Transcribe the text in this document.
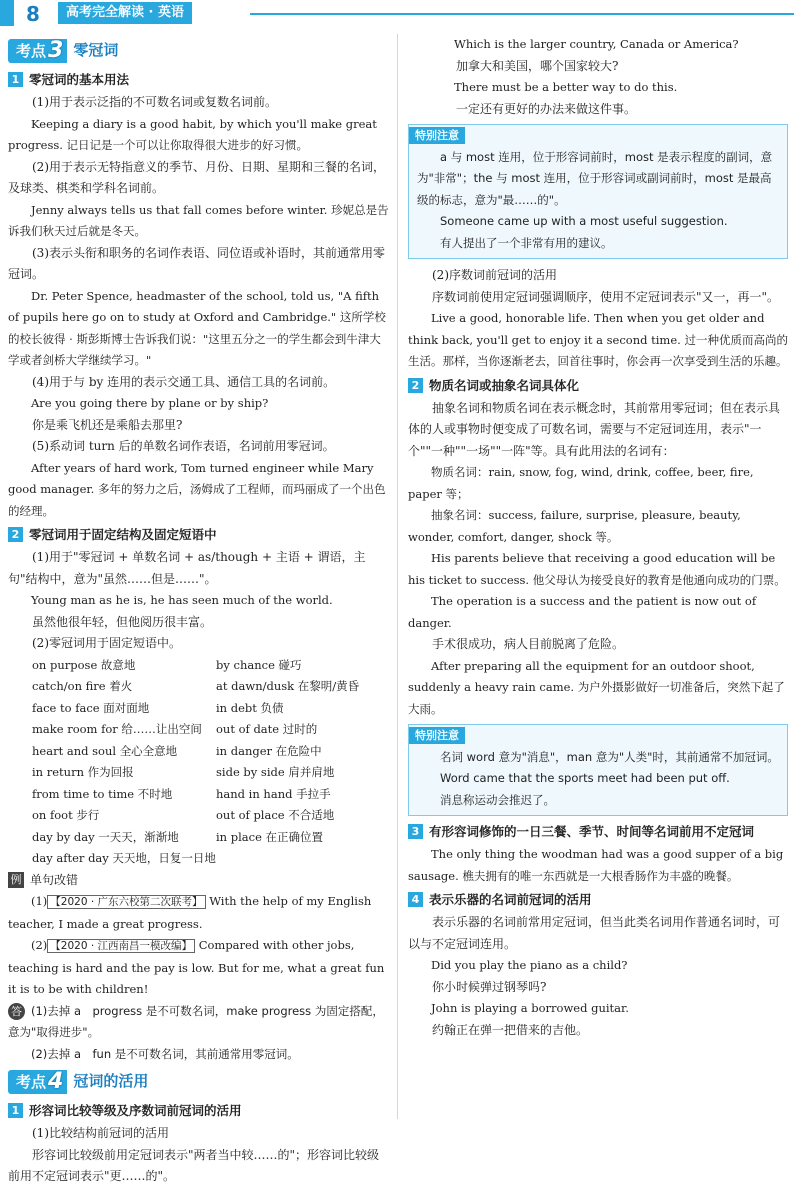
8	高考完全解读 · 英语
考点 3 零冠词
1 零冠词的基本用法

(1)用于表示泛指的不可数名词或复数名词前。

Keeping a diary is a good habit, by which you'll make great progress. 记日记是一个可以让你取得很大进步的好习惯。

(2)用于表示无特指意义的季节、月份、日期、星期和三餐的名词，及球类、棋类和学科名词前。

Jenny always tells us that fall comes before winter. 珍妮总是告诉我们秋天过后就是冬天。

(3)表示头衔和职务的名词作表语、同位语或补语时，其前通常用零冠词。

Dr. Peter Spence, headmaster of the school, told us, "A fifth of pupils here go on to study at Oxford and Cambridge." 这所学校的校长彼得 · 斯彭斯博士告诉我们说："这里五分之一的学生都会到牛津大学或者剑桥大学继续学习。"

(4)用于与 by 连用的表示交通工具、通信工具的名词前。

Are you going there by plane or by ship?

你是乘飞机还是乘船去那里?

(5)系动词 turn 后的单数名词作表语，名词前用零冠词。

After years of hard work, Tom turned engineer while Mary good manager. 多年的努力之后，汤姆成了工程师，而玛丽成了一个出色的经理。

2 零冠词用于固定结构及固定短语中

(1)用于"零冠词 + 单数名词 + as/though + 主语 + 谓语，主句"结构中，意为"虽然……但是……"。

Young man as he is, he has seen much of the world.

虽然他很年轻，但他阅历很丰富。

(2)零冠词用于固定短语中。

on purpose 故意地	by chance 碰巧
catch/on fire 着火	at dawn/dusk 在黎明/黄昏
face to face 面对面地	in debt 负债
make room for 给……让出空间	out of date 过时的
heart and soul 全心全意地	in danger 在危险中
in return 作为回报	side by side 肩并肩地
from time to time 不时地	hand in hand 手拉手
on foot 步行	out of place 不合适地
day by day 一天天，渐渐地	in place 在正确位置
day after day 天天地，日复一日地

例 单句改错

(1) 【2020 · 广东六校第二次联考】 With the help of my English teacher, I made a great progress.

(2) 【2020 · 江西南昌一模改编】 Compared with other jobs, teaching is hard and the pay is low. But for me, what a great fun it is to be with children!

答 (1)去掉 a　progress 是不可数名词，make progress 为固定搭配，意为"取得进步"。

(2)去掉 a　fun 是不可数名词，其前通常用零冠词。

考点 4 冠词的活用
1 形容词比较等级及序数词前冠词的活用

(1)比较结构前冠词的活用

形容词比较级前用定冠词表示"两者当中较……的"；形容词比较级前用不定冠词表示"更……的"。

Which is the larger country, Canada or America?

加拿大和美国，哪个国家较大?

There must be a better way to do this.

一定还有更好的办法来做这件事。

特别注意

a 与 most 连用，位于形容词前时，most 是表示程度的副词，意为"非常"；the 与 most 连用，位于形容词或副词前时，most 是最高级的标志，意为"最……的"。

Someone came up with a most useful suggestion.

有人提出了一个非常有用的建议。

(2)序数词前冠词的活用

序数词前使用定冠词强调顺序，使用不定冠词表示"又一，再一"。

Live a good, honorable life. Then when you get older and think back, you'll get to enjoy it a second time. 过一种优质而高尚的生活。那样，当你逐渐老去，回首往事时，你会再一次享受到生活的乐趣。

2 物质名词或抽象名词具体化

抽象名词和物质名词在表示概念时，其前常用零冠词；但在表示具体的人或事物时便变成了可数名词，需要与不定冠词连用，表示"一个""一种""一场""一阵"等。具有此用法的名词有：

物质名词：rain, snow, fog, wind, drink, coffee, beer, fire, paper 等；

抽象名词：success, failure, surprise, pleasure, beauty, wonder, comfort, danger, shock 等。

His parents believe that receiving a good education will be his ticket to success. 他父母认为接受良好的教育是他通向成功的门票。

The operation is a success and the patient is now out of danger.

手术很成功，病人目前脱离了危险。

After preparing all the equipment for an outdoor shoot, suddenly a heavy rain came. 为户外摄影做好一切准备后，突然下起了大雨。

特别注意

名词 word 意为"消息"，man 意为"人类"时，其前通常不加冠词。

Word came that the sports meet had been put off.

消息称运动会推迟了。

3 有形容词修饰的一日三餐、季节、时间等名词前用不定冠词

The only thing the woodman had was a good supper of a big sausage. 樵夫拥有的唯一东西就是一大根香肠作为丰盛的晚餐。

4 表示乐器的名词前冠词的活用

表示乐器的名词前常用定冠词，但当此类名词用作普通名词时，可以与不定冠词连用。

Did you play the piano as a child?

你小时候弹过钢琴吗?

John is playing a borrowed guitar.

约翰正在弹一把借来的吉他。
